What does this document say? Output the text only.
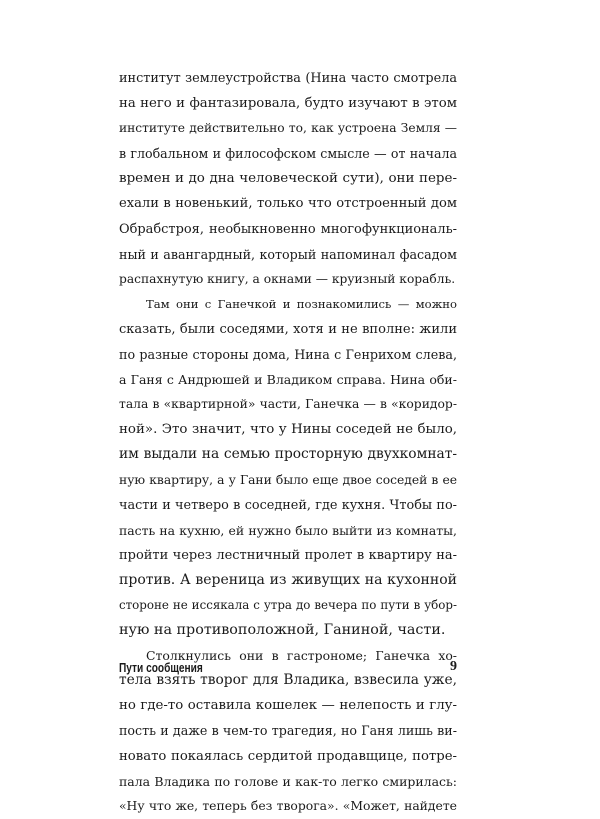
институт землеустройства (Нина часто смотрела
на него и фантазировала, будто изучают в этом
институте действительно то, как устроена Земля —
в глобальном и философском смысле — от начала
времен и до дна человеческой сути), они пере-
ехали в новенький, только что отстроенный дом
Обрабстроя, необыкновенно многофункциональ-
ный и авангардный, который напоминал фасадом
распахнутую книгу, а окнами — круизный корабль.
Там они с Ганечкой и познакомились — можно
сказать, были соседями, хотя и не вполне: жили
по разные стороны дома, Нина с Генрихом слева,
а Ганя с Андрюшей и Владиком справа. Нина оби-
тала в «квартирной» части, Ганечка — в «коридор-
ной». Это значит, что у Нины соседей не было,
им выдали на семью просторную двухкомнат-
ную квартиру, а у Гани было еще двое соседей в ее
части и четверо в соседней, где кухня. Чтобы по-
пасть на кухню, ей нужно было выйти из комнаты,
пройти через лестничный пролет в квартиру на-
против. А вереница из живущих на кухонной
стороне не иссякала с утра до вечера по пути в убор-
ную на противоположной, Ганиной, части.
Столкнулись они в гастрономе; Ганечка хо-
тела взять творог для Владика, взвесила уже,
но где-то оставила кошелек — нелепость и глу-
пость и даже в чем-то трагедия, но Ганя лишь ви-
новато покаялась сердитой продавщице, потре-
пала Владика по голове и как-то легко смирилась:
«Ну что же, теперь без творога». «Может, найдете
Пути сообщения	9
